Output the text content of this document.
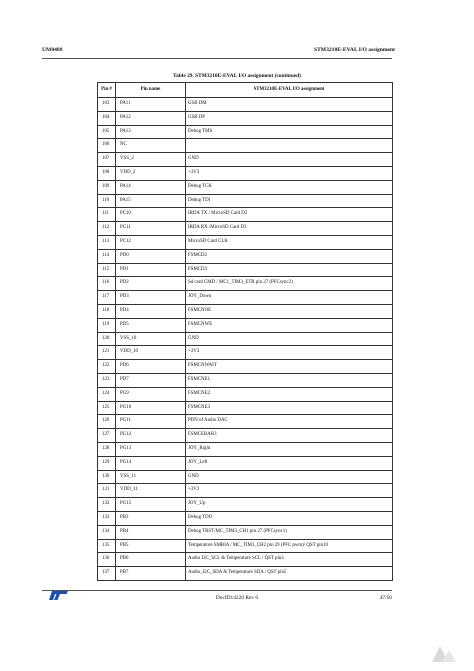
UM0488	STM3210E-EVAL I/O assignment
Table 29. STM3210E-EVAL I/O assignment (continued)
Pin #	Pin name	STM3210E-EVAL I/O assignment
103	PA11	USB DM
104	PA12	USB DP
105	PA13	Debug TMS
106	NC	
107	VSS_2	GND
108	VDD_2	+3V3
109	PA14	Debug TCK
110	PA15	Debug TDI
111	PC10	IRDA TX / MicroSD Card D2
112	PC11	IRDA RX /MicroSD Card D3
113	PC12	MicroSD Card CLK
114	PD0	FSMCD2
115	PD1	FSMCD3
116	PD2	Sd card CMD / MC1_TIM3_ETR pin 27 (PFCsync2)
117	PD3	JOY_Down
118	PD4	FSMCNOE
119	PD5	FSMCNWE
120	VSS_10	GND
121	VDD_10	+3V3
122	PD6	FSMCNWAIT
123	PD7	FSMCNE1
124	PG9	FSMCNE2
125	PG10	FSMCNE3
126	PG11	PDN of Audio DAC
127	PG12	FSMCEBAR3
128	PG13	JOY_Right
129	PG14	JOY_Left
130	VSS_11	GND
131	VDD_11	+3V3
132	PG15	JOY_Up
133	PB3	Debug TDO
134	PB4	Debug TRST/MC_TIM3_CH1 pin 27 (PFCsync1)
135	PB5	Temperature SMBIA / MC_TIM3_CH2 pin 29 (PFC pwm)/ QST pin10
136	PB6	Audio I2C_SCL & Temperature SCL / QST pin3
137	PB7	Audio_I2C_SDA & Temperature SDA / QST pin5
DocID14220 Rev 6	47/50
